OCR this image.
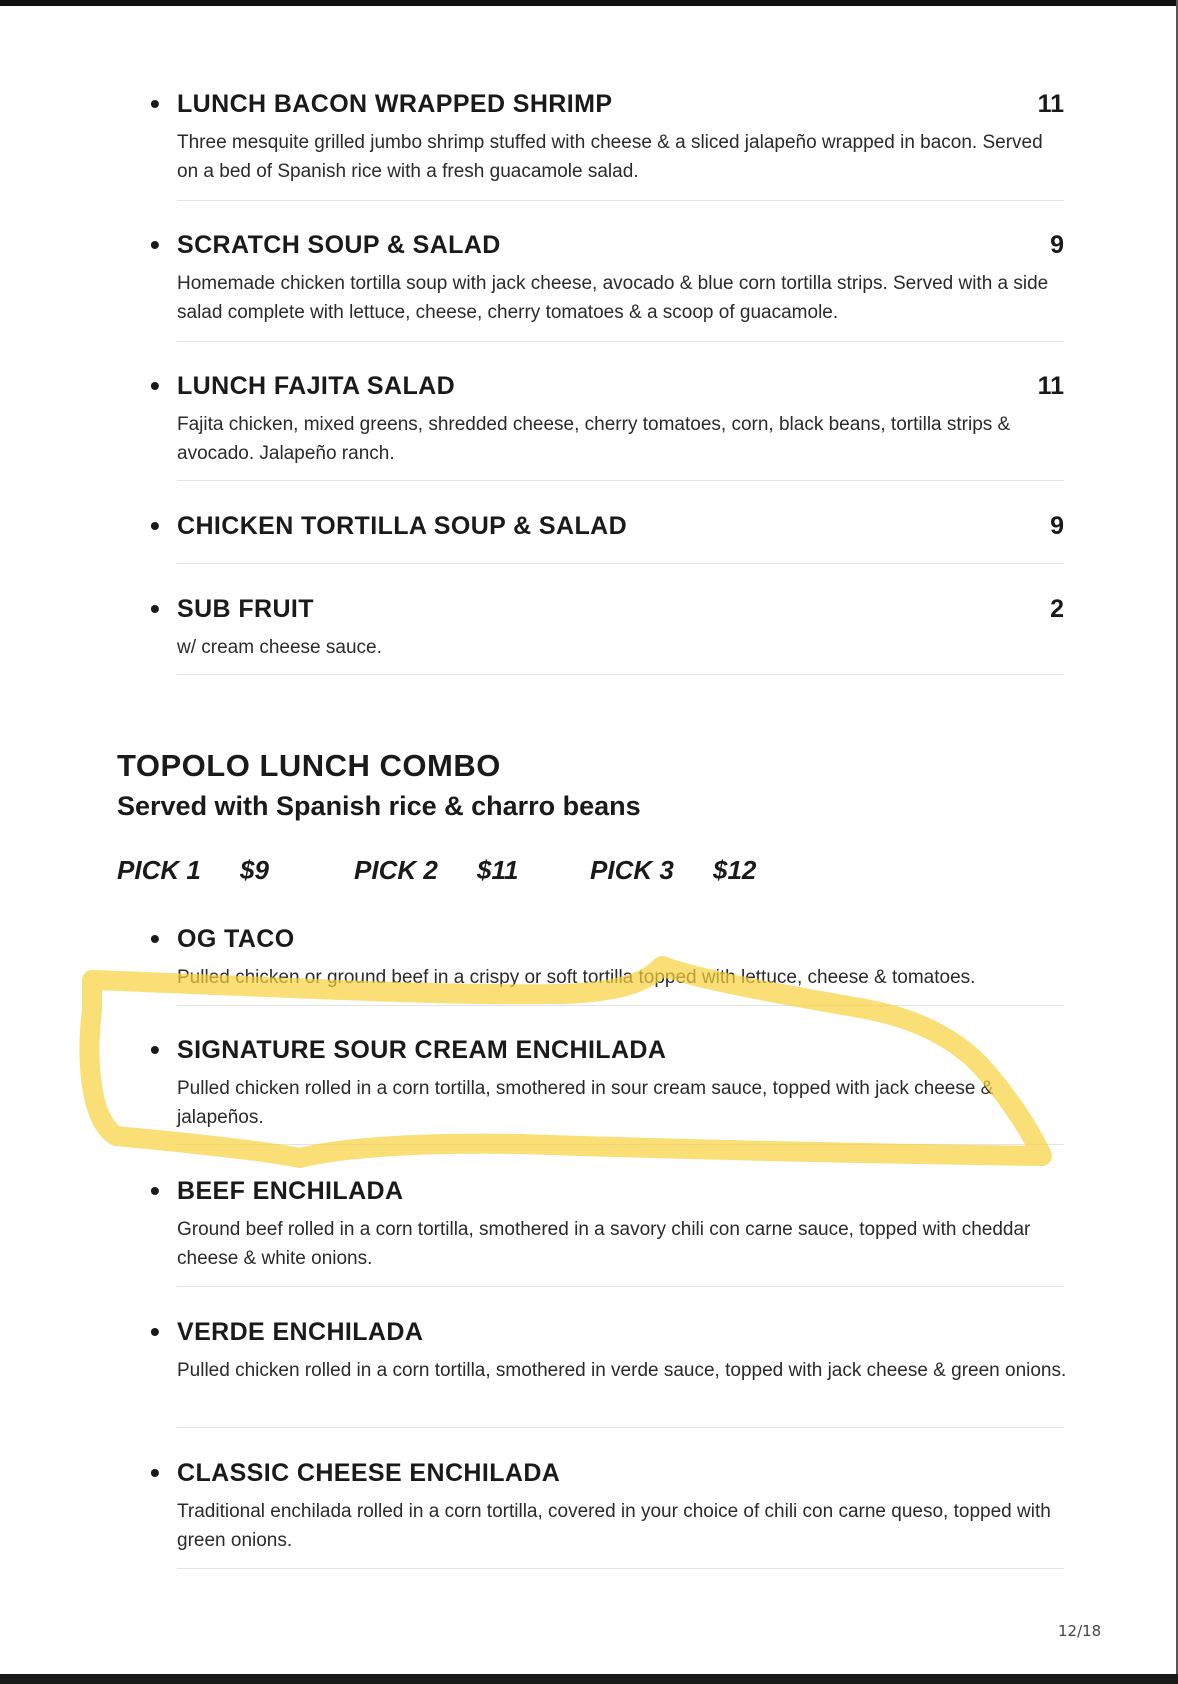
• LUNCH BACON WRAPPED SHRIMP	11

Three mesquite grilled jumbo shrimp stuffed with cheese & a sliced jalapeño wrapped in bacon. Served on a bed of Spanish rice with a fresh guacamole salad.

• SCRATCH SOUP & SALAD	9

Homemade chicken tortilla soup with jack cheese, avocado & blue corn tortilla strips. Served with a side salad complete with lettuce, cheese, cherry tomatoes & a scoop of guacamole.

• LUNCH FAJITA SALAD	11

Fajita chicken, mixed greens, shredded cheese, cherry tomatoes, corn, black beans, tortilla strips & avocado. Jalapeño ranch.

• CHICKEN TORTILLA SOUP & SALAD	9
• SUB FRUIT	2

w/ cream cheese sauce.

TOPOLO LUNCH COMBO
Served with Spanish rice & charro beans
PICK 1 $9	PICK 2 $11	PICK 3 $12
• OG TACO

Pulled chicken or ground beef in a crispy or soft tortilla topped with lettuce, cheese & tomatoes.

• SIGNATURE SOUR CREAM ENCHILADA

Pulled chicken rolled in a corn tortilla, smothered in sour cream sauce, topped with jack cheese & jalapeños.

• BEEF ENCHILADA

Ground beef rolled in a corn tortilla, smothered in a savory chili con carne sauce, topped with cheddar cheese & white onions.

• VERDE ENCHILADA

Pulled chicken rolled in a corn tortilla, smothered in verde sauce, topped with jack cheese & green onions.

• CLASSIC CHEESE ENCHILADA

Traditional enchilada rolled in a corn tortilla, covered in your choice of chili con carne queso, topped with green onions.

12/18
